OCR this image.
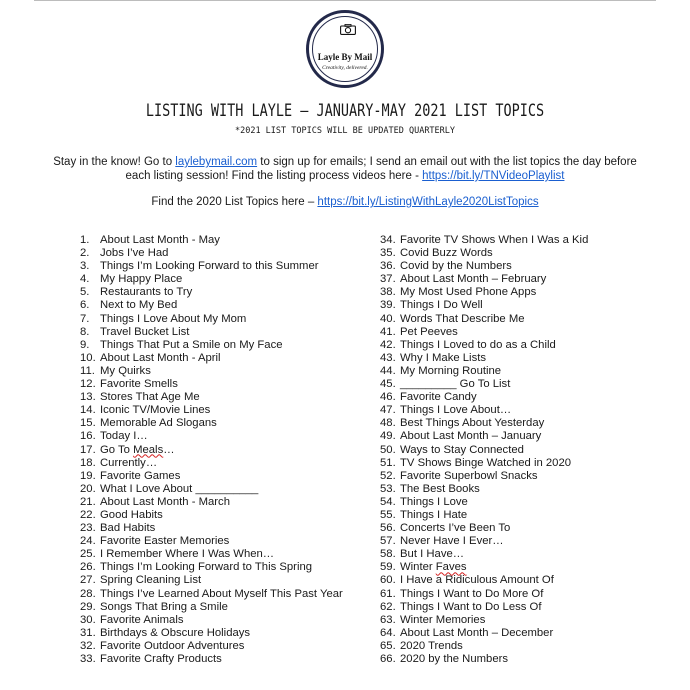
Layle By Mail
Creativity, delivered.
LISTING WITH LAYLE – JANUARY-MAY 2021 LIST TOPICS
*2021 LIST TOPICS WILL BE UPDATED QUARTERLY
Stay in the know! Go to laylebymail.com to sign up for emails; I send an email out with the list topics the day before each listing session! Find the listing process videos here - https://bit.ly/TNVideoPlaylist
Find the 2020 List Topics here – https://bit.ly/ListingWithLayle2020ListTopics
1. About Last Month - May
2. Jobs I’ve Had
3. Things I’m Looking Forward to this Summer
4. My Happy Place
5. Restaurants to Try
6. Next to My Bed
7. Things I Love About My Mom
8. Travel Bucket List
9. Things That Put a Smile on My Face
10. About Last Month - April
11. My Quirks
12. Favorite Smells
13. Stores That Age Me
14. Iconic TV/Movie Lines
15. Memorable Ad Slogans
16. Today I…
17. Go To Meals…
18. Currently…
19. Favorite Games
20. What I Love About __________
21. About Last Month - March
22. Good Habits
23. Bad Habits
24. Favorite Easter Memories
25. I Remember Where I Was When…
26. Things I’m Looking Forward to This Spring
27. Spring Cleaning List
28. Things I’ve Learned About Myself This Past Year
29. Songs That Bring a Smile
30. Favorite Animals
31. Birthdays & Obscure Holidays
32. Favorite Outdoor Adventures
33. Favorite Crafty Products
34. Favorite TV Shows When I Was a Kid
35. Covid Buzz Words
36. Covid by the Numbers
37. About Last Month – February
38. My Most Used Phone Apps
39. Things I Do Well
40. Words That Describe Me
41. Pet Peeves
42. Things I Loved to do as a Child
43. Why I Make Lists
44. My Morning Routine
45. _________ Go To List
46. Favorite Candy
47. Things I Love About…
48. Best Things About Yesterday
49. About Last Month – January
50. Ways to Stay Connected
51. TV Shows Binge Watched in 2020
52. Favorite Superbowl Snacks
53. The Best Books
54. Things I Love
55. Things I Hate
56. Concerts I’ve Been To
57. Never Have I Ever…
58. But I Have…
59. Winter Faves
60. I Have a Ridiculous Amount Of
61. Things I Want to Do More Of
62. Things I Want to Do Less Of
63. Winter Memories
64. About Last Month – December
65. 2020 Trends
66. 2020 by the Numbers
